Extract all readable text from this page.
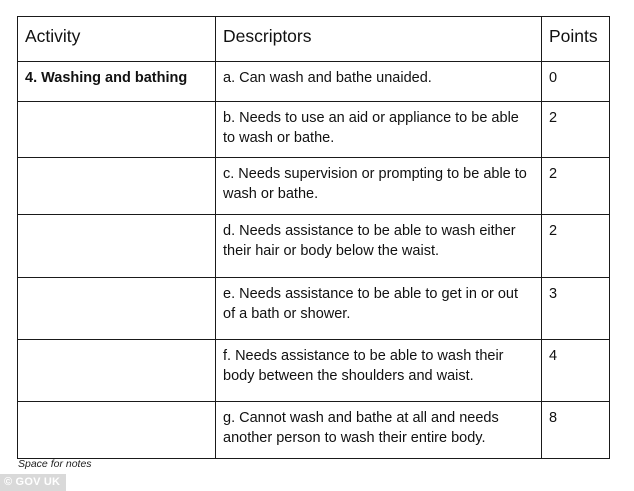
Activity	Descriptors	Points

4. Washing and bathing	a. Can wash and bathe unaided.	0

	b. Needs to use an aid or appliance to be able to wash or bathe.	2

	c. Needs supervision or prompting to be able to wash or bathe.	2

	d. Needs assistance to be able to wash either their hair or body below the waist.	2

	e. Needs assistance to be able to get in or out of a bath or shower.	3

	f. Needs assistance to be able to wash their body between the shoulders and waist.	4

	g. Cannot wash and bathe at all and needs another person to wash their entire body.	8
Space for notes
© GOV UK
